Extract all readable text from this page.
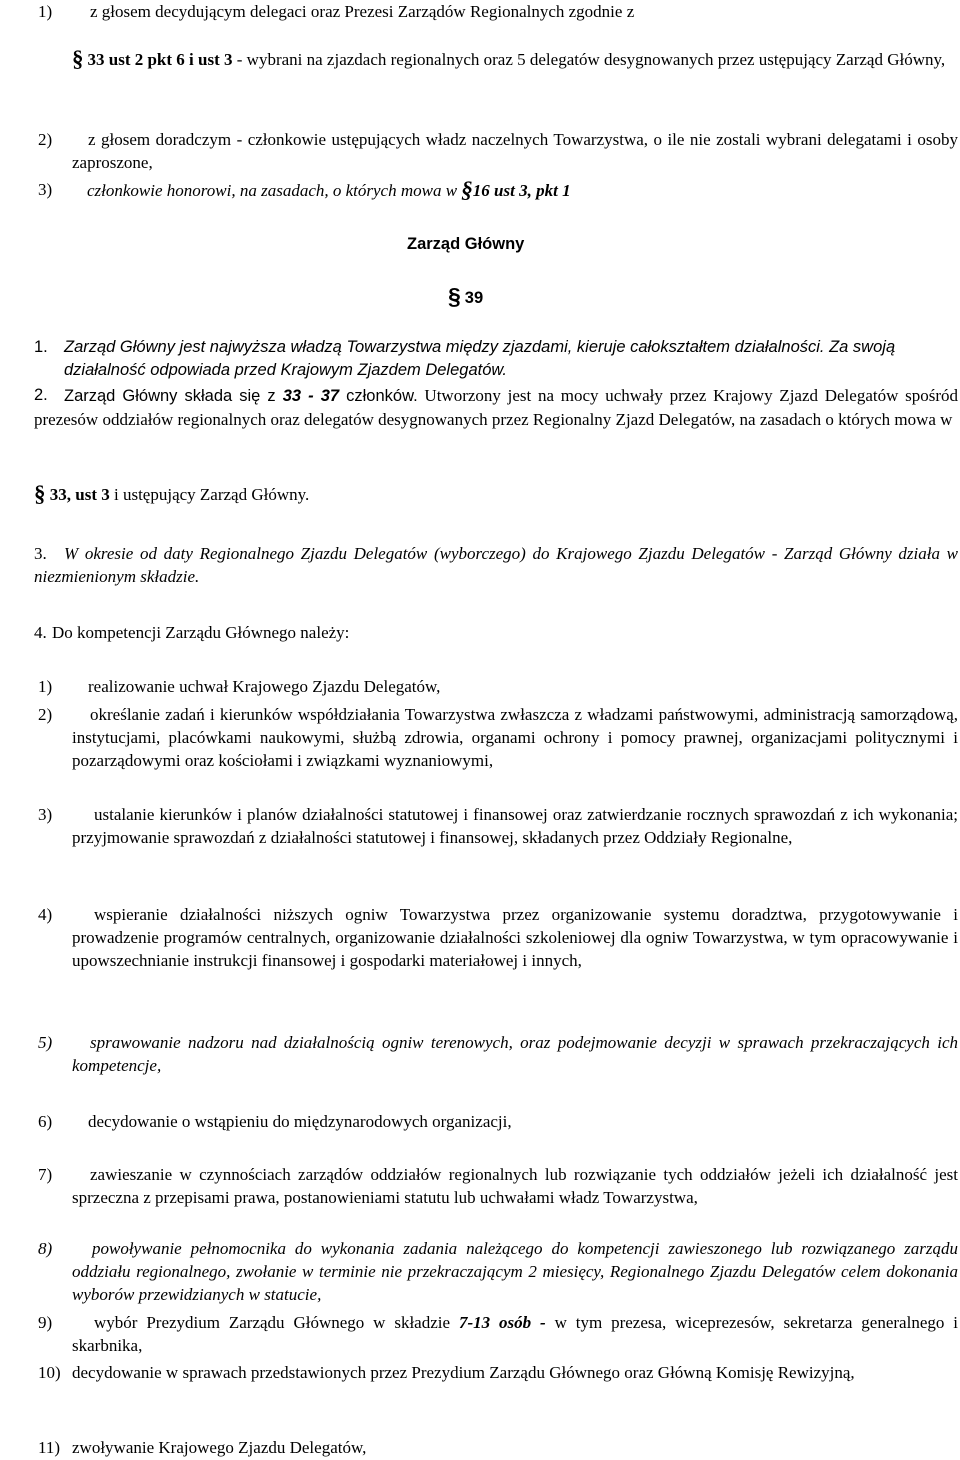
1) z głosem decydującym delegaci oraz Prezesi Zarządów Regionalnych zgodnie z
§ 33 ust 2 pkt 6 i ust 3 - wybrani na zjazdach regionalnych oraz 5 delegatów desygnowanych przez ustępujący Zarząd Główny,
2)	z głosem doradczym - członkowie ustępujących władz naczelnych Towarzystwa, o ile nie zostali wybrani delegatami i osoby zaproszone,
3) członkowie honorowi, na zasadach, o których mowa w §16 ust 3, pkt 1
Zarząd Główny
§ 39
1. Zarząd Główny jest najwyższa władzą Towarzystwa między zjazdami, kieruje całokształtem działalności. Za swoją działalność odpowiada przed Krajowym Zjazdem Delegatów.
2. Zarząd Główny składa się z 33 - 37 członków. Utworzony jest na mocy uchwały przez Krajowy Zjazd Delegatów spośród prezesów oddziałów regionalnych oraz delegatów desygnowanych przez Regionalny Zjazd Delegatów, na zasadach o których mowa w
§ 33, ust 3 i ustępujący Zarząd Główny.
3.	W okresie od daty Regionalnego Zjazdu Delegatów (wyborczego) do Krajowego Zjazdu Delegatów - Zarząd Główny działa w niezmienionym składzie.
4. Do kompetencji Zarządu Głównego należy:
1) realizowanie uchwał Krajowego Zjazdu Delegatów,
2)	określanie zadań i kierunków współdziałania Towarzystwa zwłaszcza z władzami państwowymi, administracją samorządową, instytucjami, placówkami naukowymi, służbą zdrowia, organami ochrony i pomocy prawnej, organizacjami politycznymi i pozarządowymi oraz kościołami i związkami wyznaniowymi,
3)	ustalanie kierunków i planów działalności statutowej i finansowej oraz zatwierdzanie rocznych sprawozdań z ich wykonania; przyjmowanie sprawozdań z działalności statutowej i finansowej, składanych przez Oddziały Regionalne,
4)	wspieranie działalności niższych ogniw Towarzystwa przez organizowanie systemu doradztwa, przygotowywanie i prowadzenie programów centralnych, organizowanie działalności szkoleniowej dla ogniw Towarzystwa, w tym opracowywanie i upowszechnianie instrukcji finansowej i gospodarki materiałowej i innych,
5)	sprawowanie nadzoru nad działalnością ogniw terenowych, oraz podejmowanie decyzji w sprawach przekraczających ich kompetencje,
6) decydowanie o wstąpieniu do międzynarodowych organizacji,
7)	zawieszanie w czynnościach zarządów oddziałów regionalnych lub rozwiązanie tych oddziałów jeżeli ich działalność jest sprzeczna z przepisami prawa, postanowieniami statutu lub uchwałami władz Towarzystwa,
8)	powoływanie pełnomocnika do wykonania zadania należącego do kompetencji zawieszonego lub rozwiązanego zarządu oddziału regionalnego, zwołanie w terminie nie przekraczającym 2 miesięcy, Regionalnego Zjazdu Delegatów celem dokonania wyborów przewidzianych w statucie,
9)	wybór Prezydium Zarządu Głównego w składzie 7-13 osób - w tym prezesa, wiceprezesów, sekretarza generalnego i skarbnika,
10) decydowanie w sprawach przedstawionych przez Prezydium Zarządu Głównego oraz Główną Komisję Rewizyjną,
11) zwoływanie Krajowego Zjazdu Delegatów,
